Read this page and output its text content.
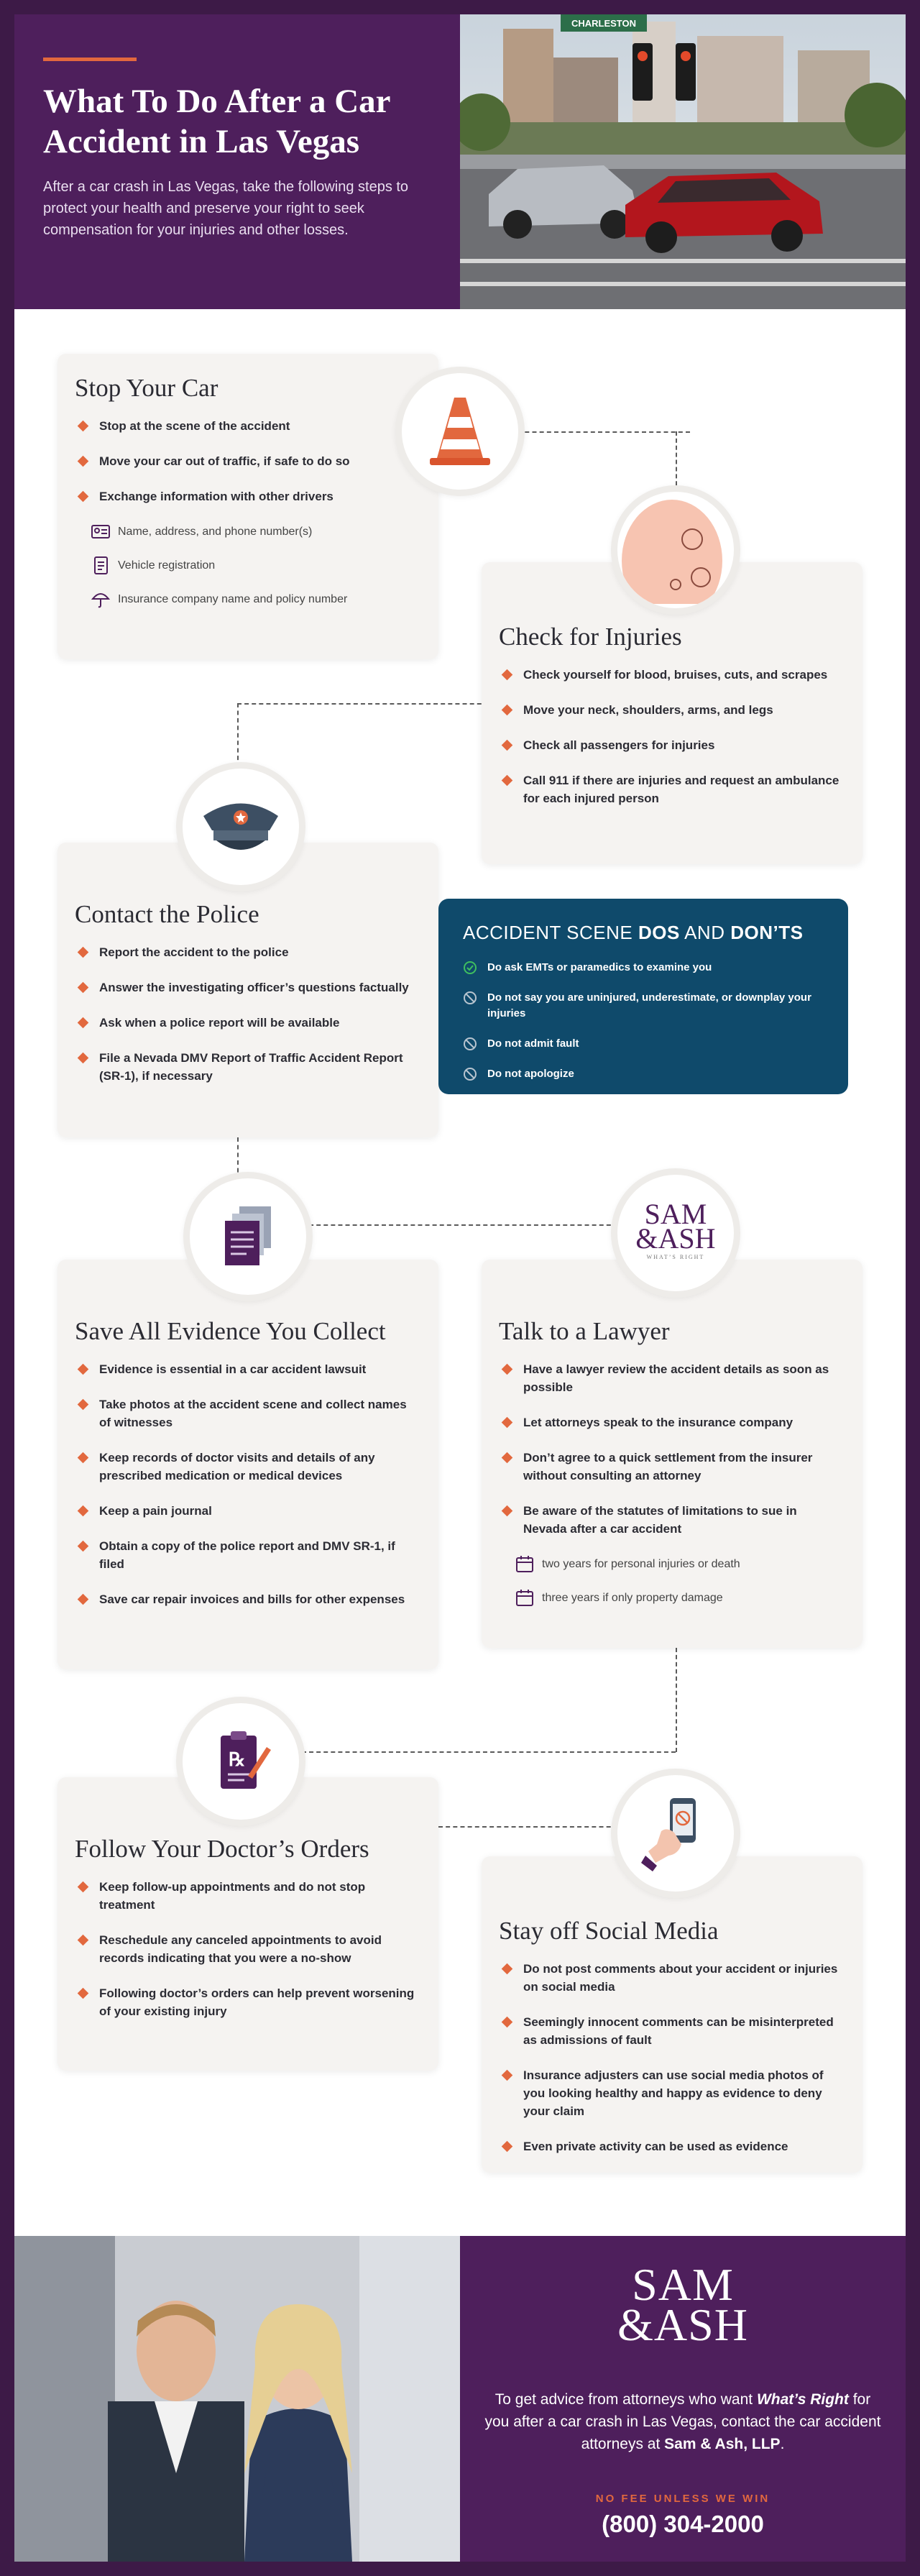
What To Do After a Car
Accident in Las Vegas

After a car crash in Las Vegas, take the following steps to protect your health and preserve your right to seek compensation for your injuries and other losses.

CHARLESTON
Stop Your Car
Stop at the scene of the accident
Move your car out of traffic, if safe to do so
Exchange information with other drivers
Name, address, and phone number(s)
Vehicle registration
Insurance company name and policy number
Check for Injuries
Check yourself for blood, bruises, cuts, and scrapes
Move your neck, shoulders, arms, and legs
Check all passengers for injuries
Call 911 if there are injuries and request an ambulance for each injured person
Contact the Police
Report the accident to the police
Answer the investigating officer’s questions factually
Ask when a police report will be available
File a Nevada DMV Report of Traffic Accident Report (SR-1), if necessary
ACCIDENT SCENE DOS AND DON’TS
Do ask EMTs or paramedics to examine you
Do not say you are uninjured, underestimate, or downplay your injuries
Do not admit fault
Do not apologize
Save All Evidence You Collect
Evidence is essential in a car accident lawsuit
Take photos at the accident scene and collect names of witnesses
Keep records of doctor visits and details of any prescribed medication or medical devices
Keep a pain journal
Obtain a copy of the police report and DMV SR-1, if filed
Save car repair invoices and bills for other expenses
Talk to a Lawyer
Have a lawyer review the accident details as soon as possible
Let attorneys speak to the insurance company
Don’t agree to a quick settlement from the insurer without consulting an attorney
Be aware of the statutes of limitations to sue in Nevada after a car accident
two years for personal injuries or death
three years if only property damage
SAM
&ASH
WHAT’S RIGHT
Follow Your Doctor’s Orders
Keep follow-up appointments and do not stop treatment
Reschedule any canceled appointments to avoid records indicating that you were a no-show
Following doctor’s orders can help prevent worsening of your existing injury
℞
Stay off Social Media
Do not post comments about your accident or injuries on social media
Seemingly innocent comments can be misinterpreted as admissions of fault
Insurance adjusters can use social media photos of you looking healthy and happy as evidence to deny your claim
Even private activity can be used as evidence
SAM
&ASH

To get advice from attorneys who want What’s Right for you after a car crash in Las Vegas, contact the car accident attorneys at Sam & Ash, LLP.

NO FEE UNLESS WE WIN
(800) 304-2000
